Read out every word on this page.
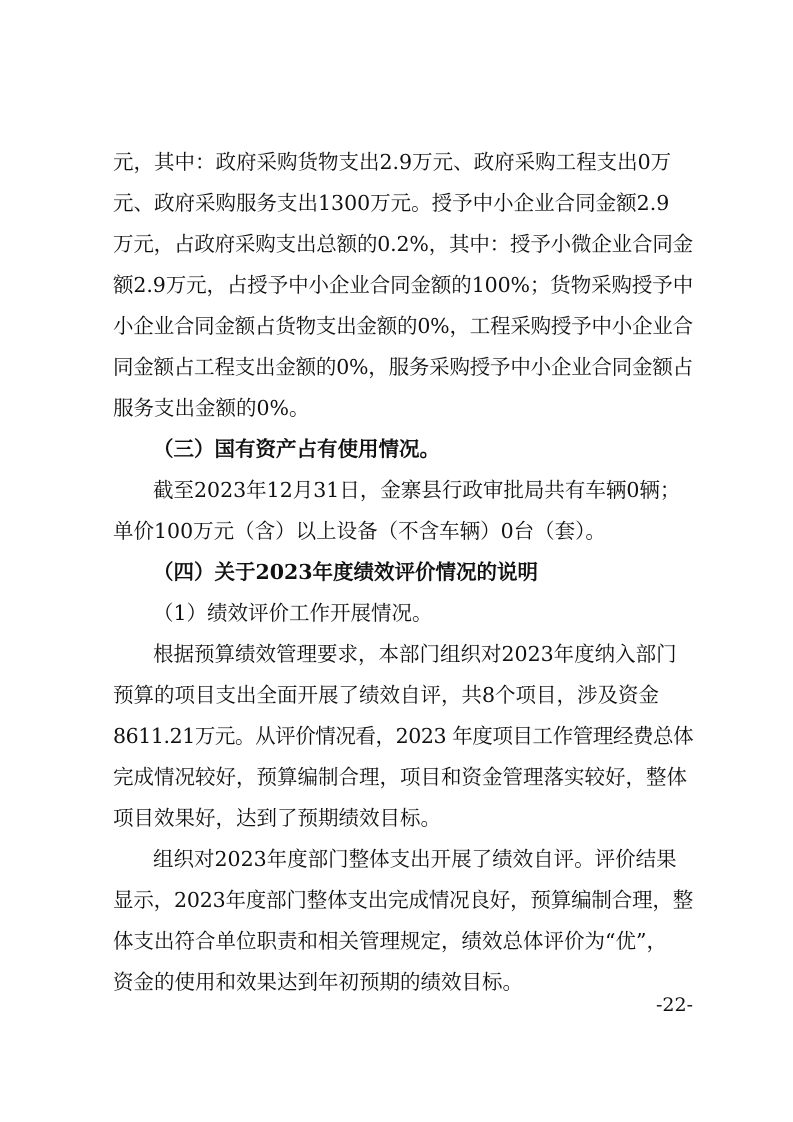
元，其中：政府采购货物支出2.9万元、政府采购工程支出0万
元、政府采购服务支出1300万元。授予中小企业合同金额2.9
万元，占政府采购支出总额的0.2%，其中：授予小微企业合同金
额2.9万元，占授予中小企业合同金额的100%；货物采购授予中
小企业合同金额占货物支出金额的0%，工程采购授予中小企业合
同金额占工程支出金额的0%，服务采购授予中小企业合同金额占
服务支出金额的0%。
（三）国有资产占有使用情况。
截至2023年12月31日，金寨县行政审批局共有车辆0辆；
单价100万元（含）以上设备（不含车辆）0台（套）。
（四）关于2023年度绩效评价情况的说明
（1）绩效评价工作开展情况。
根据预算绩效管理要求，本部门组织对2023年度纳入部门
预算的项目支出全面开展了绩效自评，共8个项目，涉及资金
8611.21万元。从评价情况看，2023 年度项目工作管理经费总体
完成情况较好，预算编制合理，项目和资金管理落实较好，整体
项目效果好，达到了预期绩效目标。
组织对2023年度部门整体支出开展了绩效自评。评价结果
显示，2023年度部门整体支出完成情况良好，预算编制合理，整
体支出符合单位职责和相关管理规定，绩效总体评价为“优”，
资金的使用和效果达到年初预期的绩效目标。
-22-
